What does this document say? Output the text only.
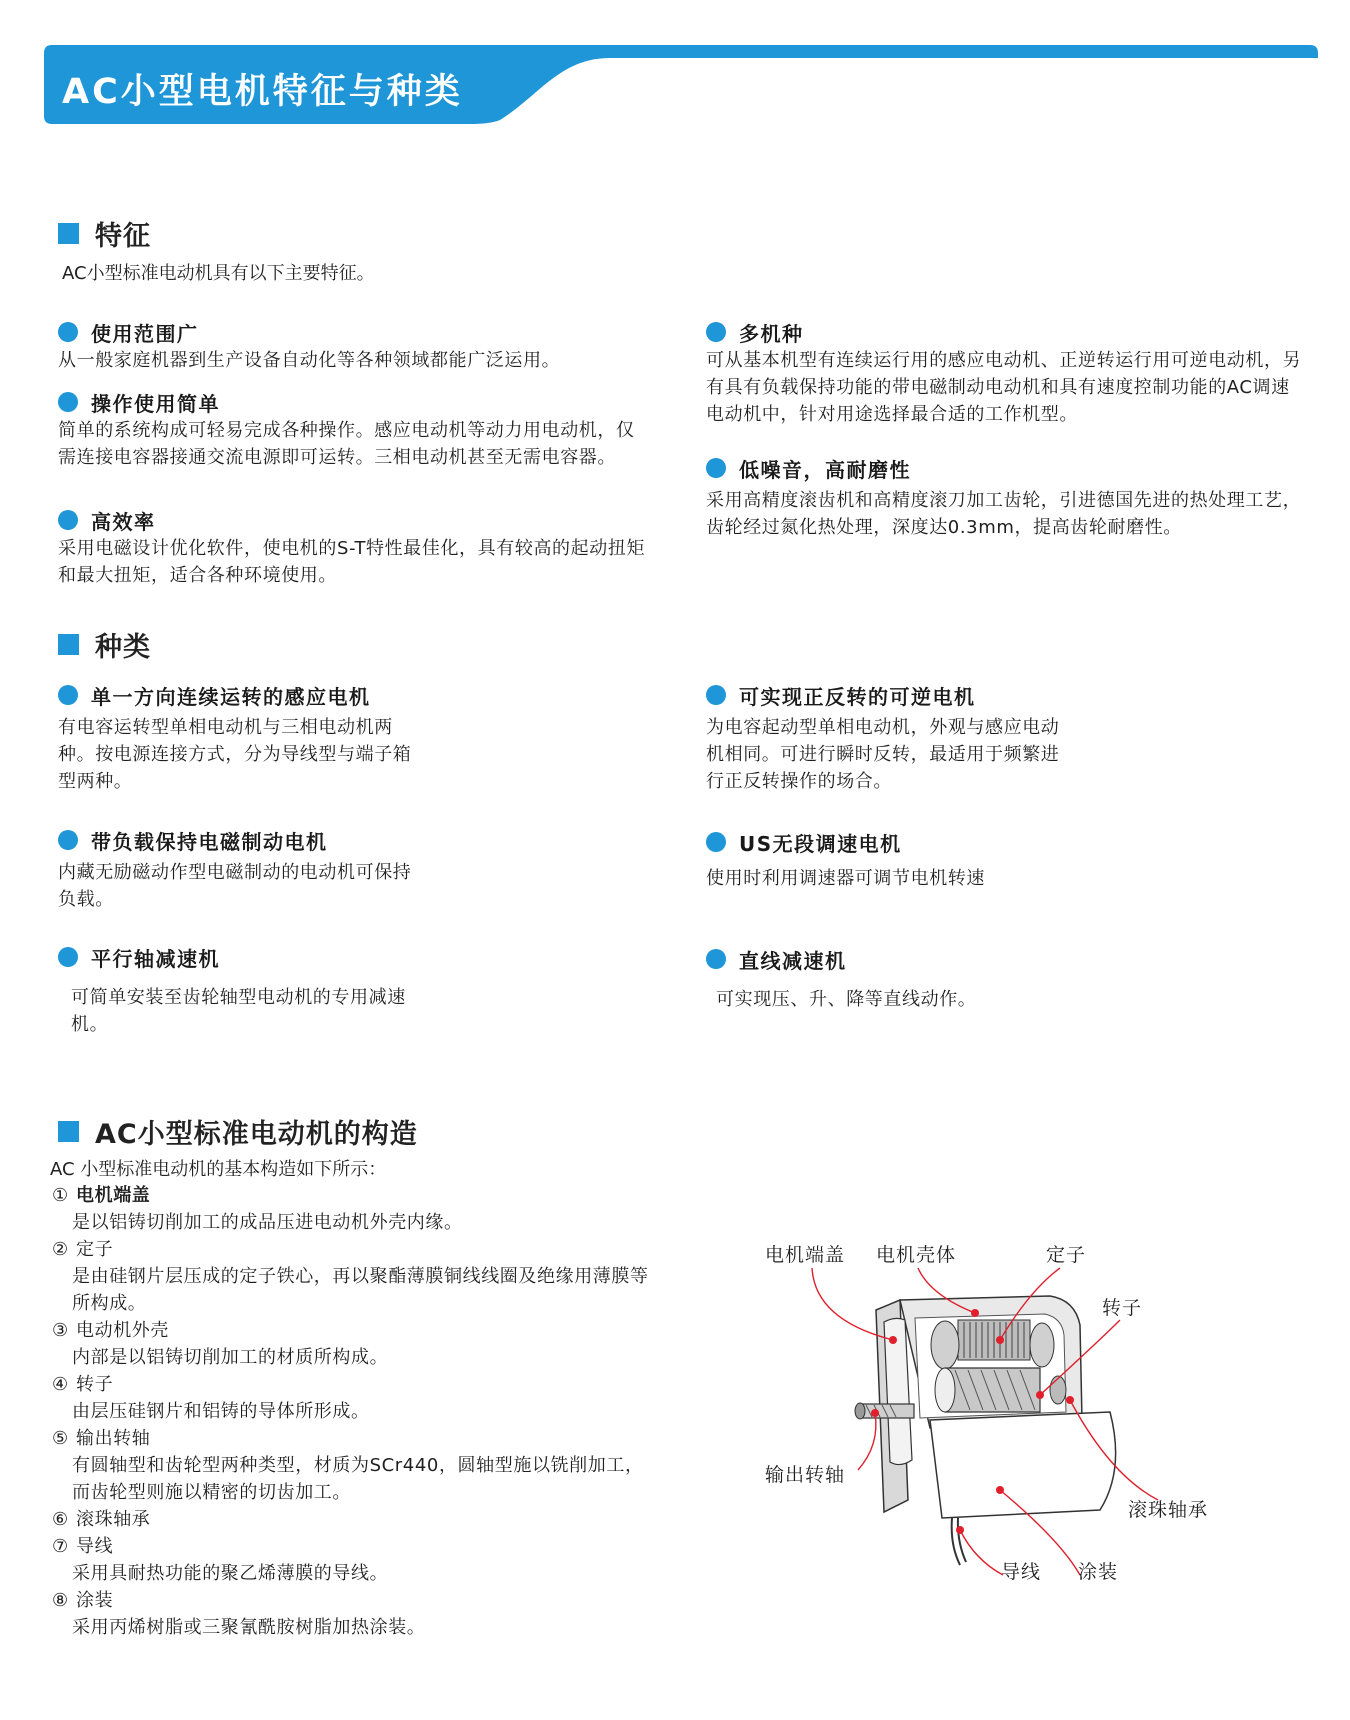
AC小型电机特征与种类
特征
AC小型标准电动机具有以下主要特征。
使用范围广
从一般家庭机器到生产设备自动化等各种领域都能广泛运用。
操作使用简单
简单的系统构成可轻易完成各种操作。感应电动机等动力用电动机，仅需连接电容器接通交流电源即可运转。三相电动机甚至无需电容器。
高效率
采用电磁设计优化软件，使电机的S-T特性最佳化，具有较高的起动扭矩和最大扭矩，适合各种环境使用。
多机种
可从基本机型有连续运行用的感应电动机、正逆转运行用可逆电动机，另有具有负载保持功能的带电磁制动电动机和具有速度控制功能的AC调速电动机中，针对用途选择最合适的工作机型。
低噪音，高耐磨性
采用高精度滚齿机和高精度滚刀加工齿轮，引进德国先进的热处理工艺，齿轮经过氮化热处理，深度达0.3mm，提高齿轮耐磨性。
种类
单一方向连续运转的感应电机
有电容运转型单相电动机与三相电动机两种。按电源连接方式，分为导线型与端子箱型两种。
可实现正反转的可逆电机
为电容起动型单相电动机，外观与感应电动机相同。可进行瞬时反转，最适用于频繁进行正反转操作的场合。
带负载保持电磁制动电机
内藏无励磁动作型电磁制动的电动机可保持负载。
US无段调速电机
使用时利用调速器可调节电机转速
平行轴减速机
可简单安装至齿轮轴型电动机的专用减速机。
直线减速机
可实现压、升、降等直线动作。
AC小型标准电动机的构造
AC 小型标准电动机的基本构造如下所示：
① 电机端盖
是以铝铸切削加工的成品压进电动机外壳内缘。
② 定子
是由硅钢片层压成的定子铁心，再以聚酯薄膜铜线线圈及绝缘用薄膜等所构成。
③ 电动机外壳
内部是以铝铸切削加工的材质所构成。
④ 转子
由层压硅钢片和铝铸的导体所形成。
⑤ 输出转轴
有圆轴型和齿轮型两种类型，材质为SCr440，圆轴型施以铣削加工，而齿轮型则施以精密的切齿加工。
⑥ 滚珠轴承
⑦ 导线
采用具耐热功能的聚乙烯薄膜的导线。
⑧ 涂装
采用丙烯树脂或三聚氰酰胺树脂加热涂装。
电机端盖 电机壳体	定子
转子
输出转轴
滚珠轴承
导线 涂装
